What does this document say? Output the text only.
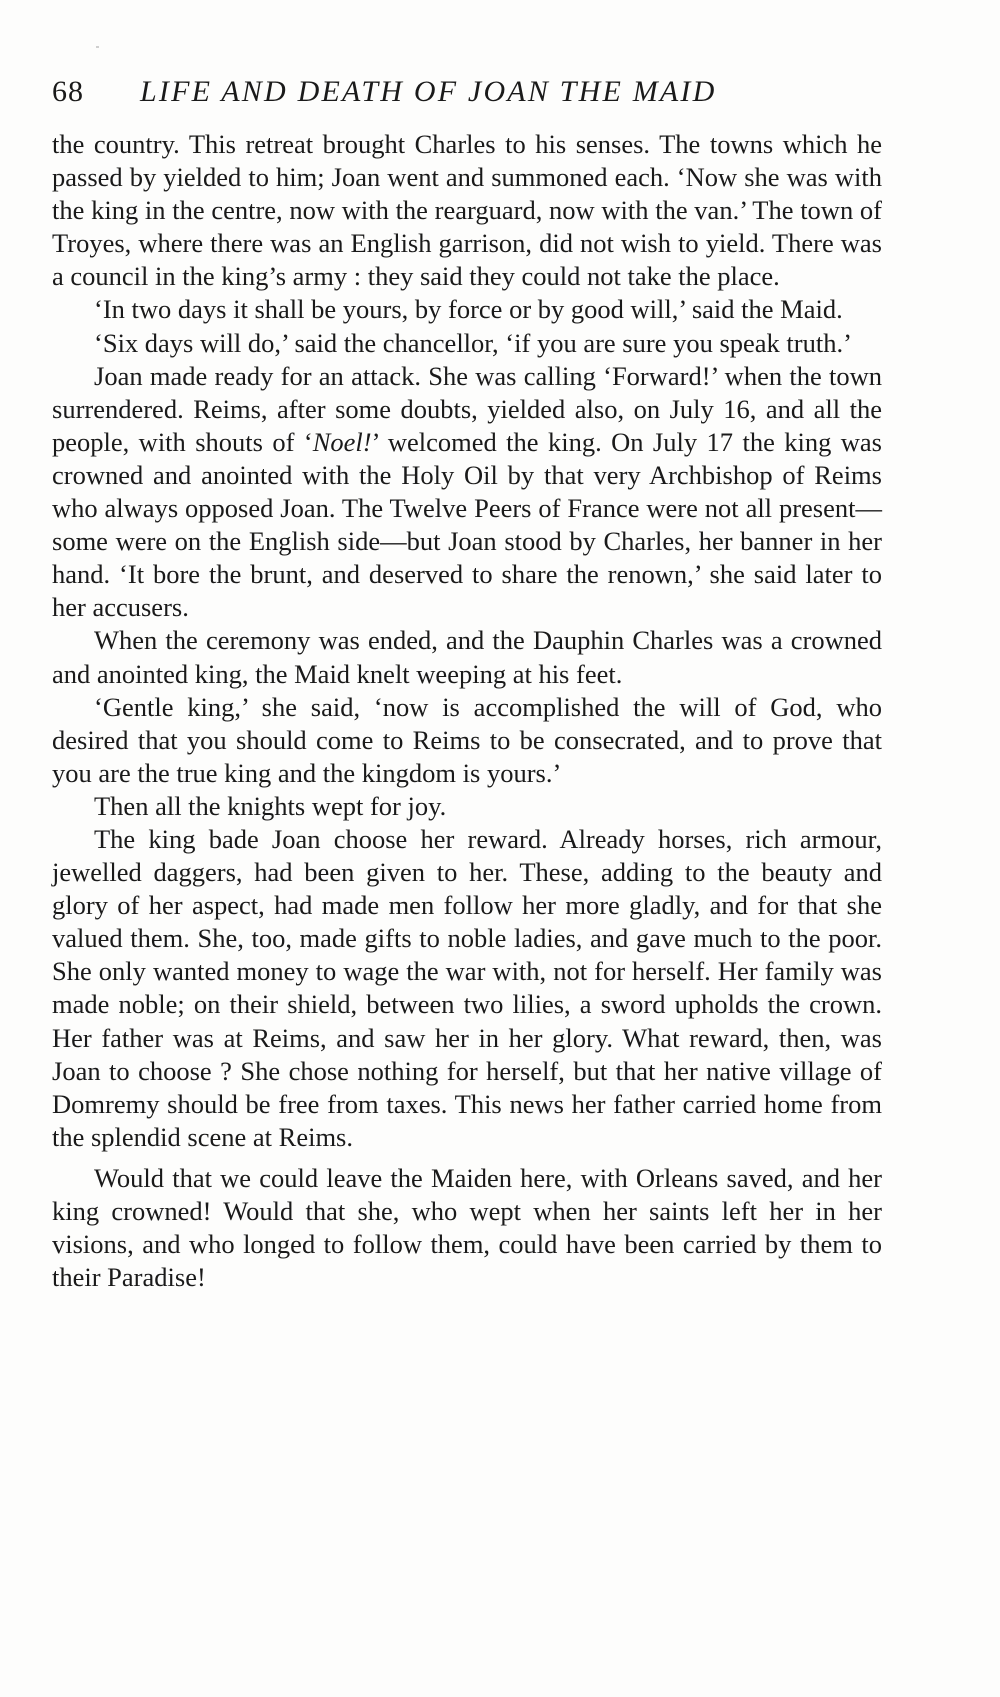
68 LIFE AND DEATH OF JOAN THE MAID

the country. This retreat brought Charles to his senses. The towns which he passed by yielded to him; Joan went and summoned each. ‘Now she was with the king in the centre, now with the rearguard, now with the van.’ The town of Troyes, where there was an English garrison, did not wish to yield. There was a council in the king’s army : they said they could not take the place.

‘In two days it shall be yours, by force or by good will,’ said the Maid.

‘Six days will do,’ said the chancellor, ‘if you are sure you speak truth.’

Joan made ready for an attack. She was calling ‘Forward!’ when the town surrendered. Reims, after some doubts, yielded also, on July 16, and all the people, with shouts of ‘Noel!’ welcomed the king. On July 17 the king was crowned and anointed with the Holy Oil by that very Archbishop of Reims who always opposed Joan. The Twelve Peers of France were not all present—some were on the English side—but Joan stood by Charles, her banner in her hand. ‘It bore the brunt, and deserved to share the renown,’ she said later to her accusers.

When the ceremony was ended, and the Dauphin Charles was a crowned and anointed king, the Maid knelt weeping at his feet.

‘Gentle king,’ she said, ‘now is accomplished the will of God, who desired that you should come to Reims to be consecrated, and to prove that you are the true king and the kingdom is yours.’

Then all the knights wept for joy.

The king bade Joan choose her reward. Already horses, rich armour, jewelled daggers, had been given to her. These, adding to the beauty and glory of her aspect, had made men follow her more gladly, and for that she valued them. She, too, made gifts to noble ladies, and gave much to the poor. She only wanted money to wage the war with, not for herself. Her family was made noble; on their shield, between two lilies, a sword upholds the crown. Her father was at Reims, and saw her in her glory. What reward, then, was Joan to choose ? She chose nothing for herself, but that her native village of Domremy should be free from taxes. This news her father carried home from the splendid scene at Reims.

Would that we could leave the Maiden here, with Orleans saved, and her king crowned! Would that she, who wept when her saints left her in her visions, and who longed to follow them, could have been carried by them to their Paradise!
